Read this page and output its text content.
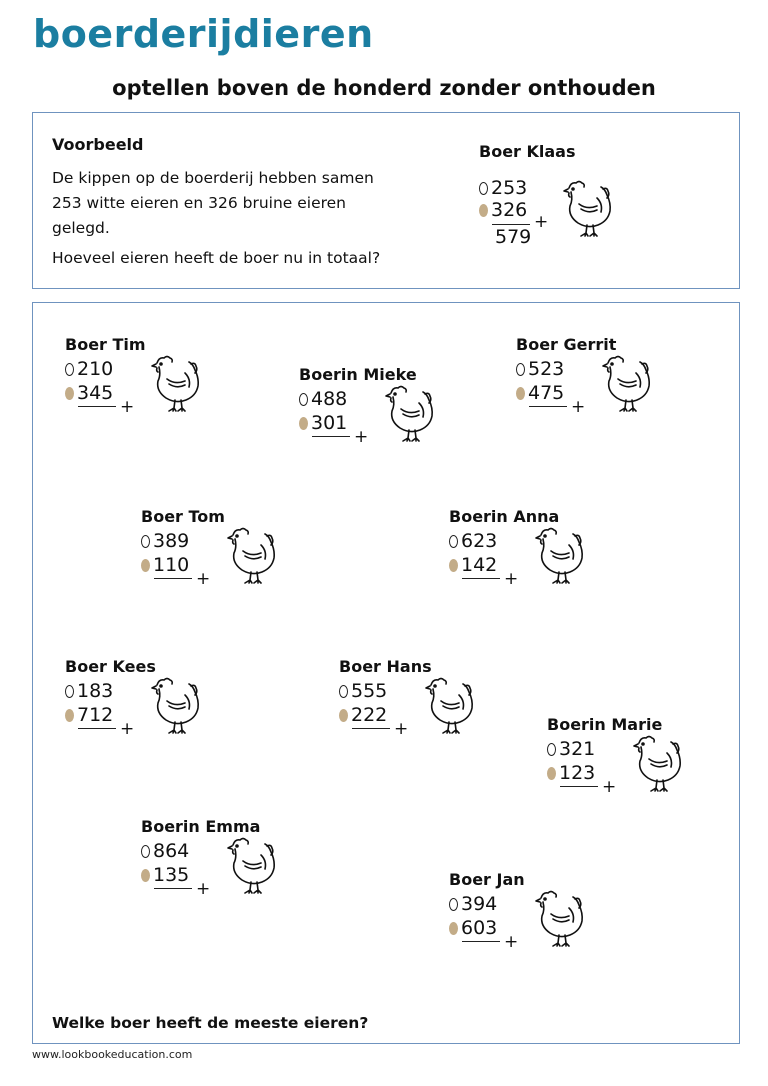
boerderijdieren
optellen boven de honderd zonder onthouden
Voorbeeld
De kippen op de boerderij hebben samen 253 witte eieren en 326 bruine eieren gelegd.
Hoeveel eieren heeft de boer nu in totaal?
Boer Klaas
253
326
+
579
Boer Tim
210
345
+
Boerin Mieke
488
301
+
Boer Gerrit
523
475
+
Boer Tom
389
110
+
Boerin Anna
623
142
+
Boer Kees
183
712
+
Boer Hans
555
222
+	Boerin Marie
321
123
+
Boerin Emma
864
135
+	Boer Jan
394
603
+
Welke boer heeft de meeste eieren?
www.lookbookeducation.com
